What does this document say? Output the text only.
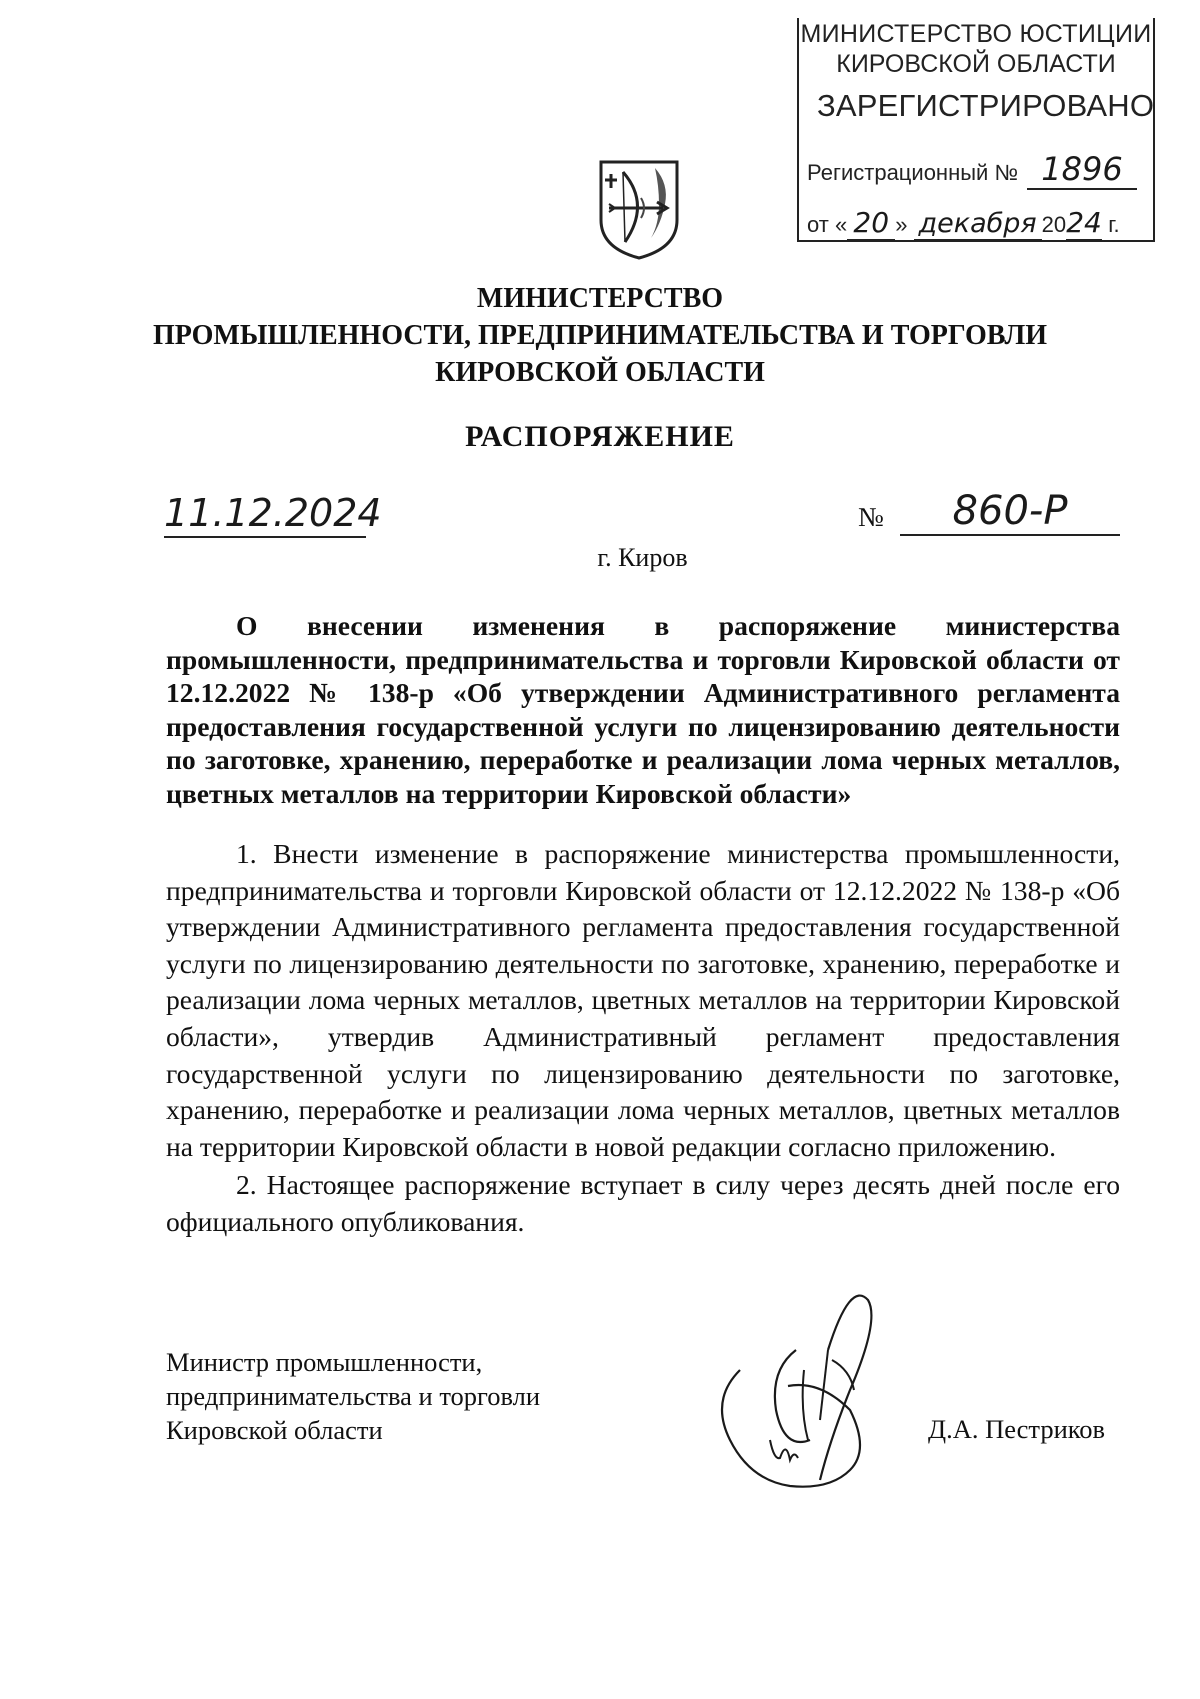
МИНИСТЕРСТВО ЮСТИЦИИ
КИРОВСКОЙ ОБЛАСТИ
ЗАРЕГИСТРИРОВАНО
Регистрационный № 1896
от « 20 » декабря 2024 г.
МИНИСТЕРСТВО
ПРОМЫШЛЕННОСТИ, ПРЕДПРИНИМАТЕЛЬСТВА И ТОРГОВЛИ
КИРОВСКОЙ ОБЛАСТИ
РАСПОРЯЖЕНИЕ
11.12.2024	№	860-Р
г. Киров
О внесении изменения в распоряжение министерства промышленности, предпринимательства и торговли Кировской области от 12.12.2022 № 138-р «Об утверждении Административного регламента предоставления государственной услуги по лицензированию деятельности по заготовке, хранению, переработке и реализации лома черных металлов, цветных металлов на территории Кировской области»

1. Внести изменение в распоряжение министерства промышленности, предпринимательства и торговли Кировской области от 12.12.2022 № 138-р «Об утверждении Административного регламента предоставления государственной услуги по лицензированию деятельности по заготовке, хранению, переработке и реализации лома черных металлов, цветных металлов на территории Кировской области», утвердив Административный регламент предоставления государственной услуги по лицензированию деятельности по заготовке, хранению, переработке и реализации лома черных металлов, цветных металлов на территории Кировской области в новой редакции согласно приложению.

2. Настоящее распоряжение вступает в силу через десять дней после его официального опубликования.

Министр промышленности,
предпринимательства и торговли
Кировской области	Д.А. Пестриков
